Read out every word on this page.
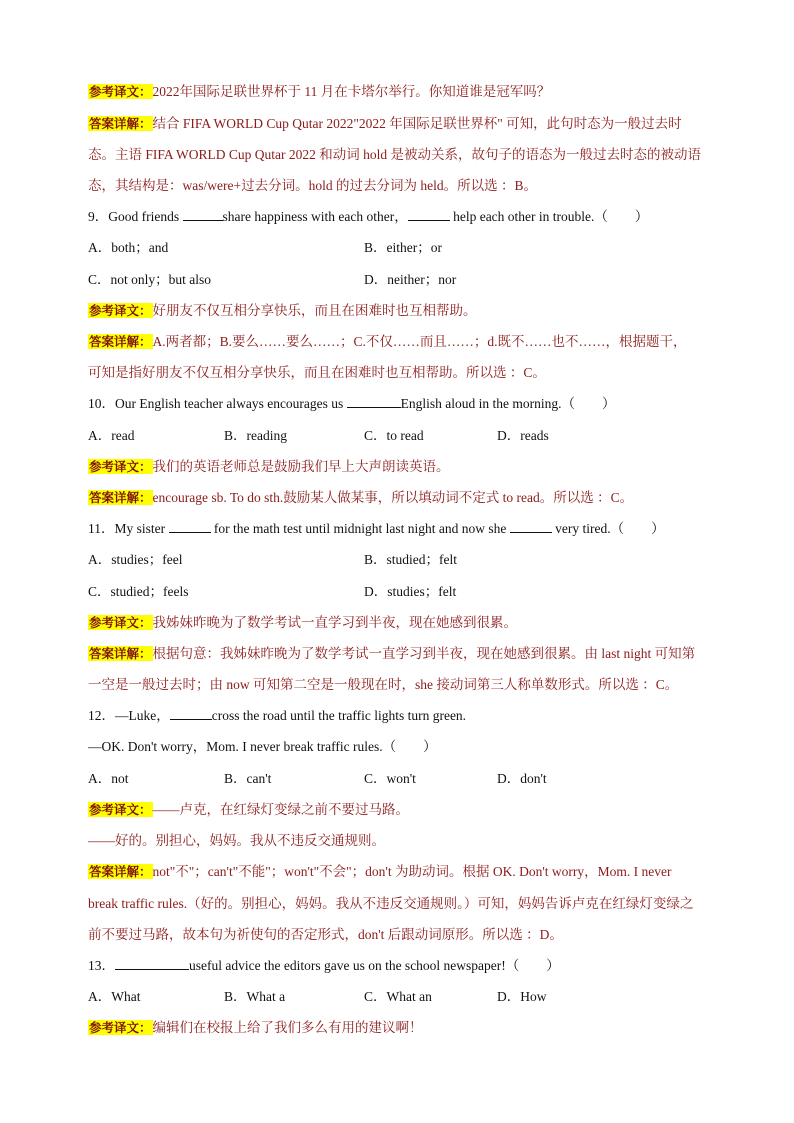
参考译文：2022年国际足联世界杯于 11 月在卡塔尔举行。你知道谁是冠军吗？
答案详解：结合 FIFA WORLD Cup Qutar 2022"2022 年国际足联世界杯" 可知，此句时态为一般过去时
态。主语 FIFA WORLD Cup Qutar 2022 和动词 hold 是被动关系，故句子的语态为一般过去时态的被动语
态，其结构是：was/were+过去分词。hold 的过去分词为 held。所以选 ：B。
9．Good friends	share happiness with each other，	help each other in trouble.（　　）
A．both；and	B．either；or
C．not only；but also	D．neither；nor
参考译文：好朋友不仅互相分享快乐，而且在困难时也互相帮助。
答案详解：A.两者都；B.要么……要么……；C.不仅……而且……；d.既不……也不……，根据题干，
可知是指好朋友不仅互相分享快乐，而且在困难时也互相帮助。所以选 ：C。
10．Our English teacher always encourages us	English aloud in the morning.（　　）
A．read	B．reading	C．to read	D．reads
参考译文：我们的英语老师总是鼓励我们早上大声朗读英语。
答案详解：encourage sb. To do sth.鼓励某人做某事，所以填动词不定式 to read。所以选 ：C。
11．My sister	for the math test until midnight last night and now she	very tired.（　　）
A．studies；feel	B．studied；felt
C．studied；feels	D．studies；felt
参考译文：我姊妹昨晚为了数学考试一直学习到半夜，现在她感到很累。
答案详解：根据句意：我姊妹昨晚为了数学考试一直学习到半夜，现在她感到很累。由 last night 可知第
一空是一般过去时；由 now 可知第二空是一般现在时，she 接动词第三人称单数形式。所以选 ：C。
12．—Luke，	cross the road until the traffic lights turn green.
—OK. Don't worry，Mom. I never break traffic rules.（　　）
A．not	B．can't	C．won't	D．don't
参考译文：——卢克，在红绿灯变绿之前不要过马路。
——好的。别担心，妈妈。我从不违反交通规则。
答案详解：not"不"；can't"不能"；won't"不会"；don't 为助动词。根据 OK. Don't worry，Mom. I never
break traffic rules.（好的。别担心，妈妈。我从不违反交通规则。）可知，妈妈告诉卢克在红绿灯变绿之
前不要过马路，故本句为祈使句的否定形式，don't 后跟动词原形。所以选 ：D。
13．	useful advice the editors gave us on the school newspaper!（　　）
A．What	B．What a	C．What an	D．How
参考译文：编辑们在校报上给了我们多么有用的建议啊！
